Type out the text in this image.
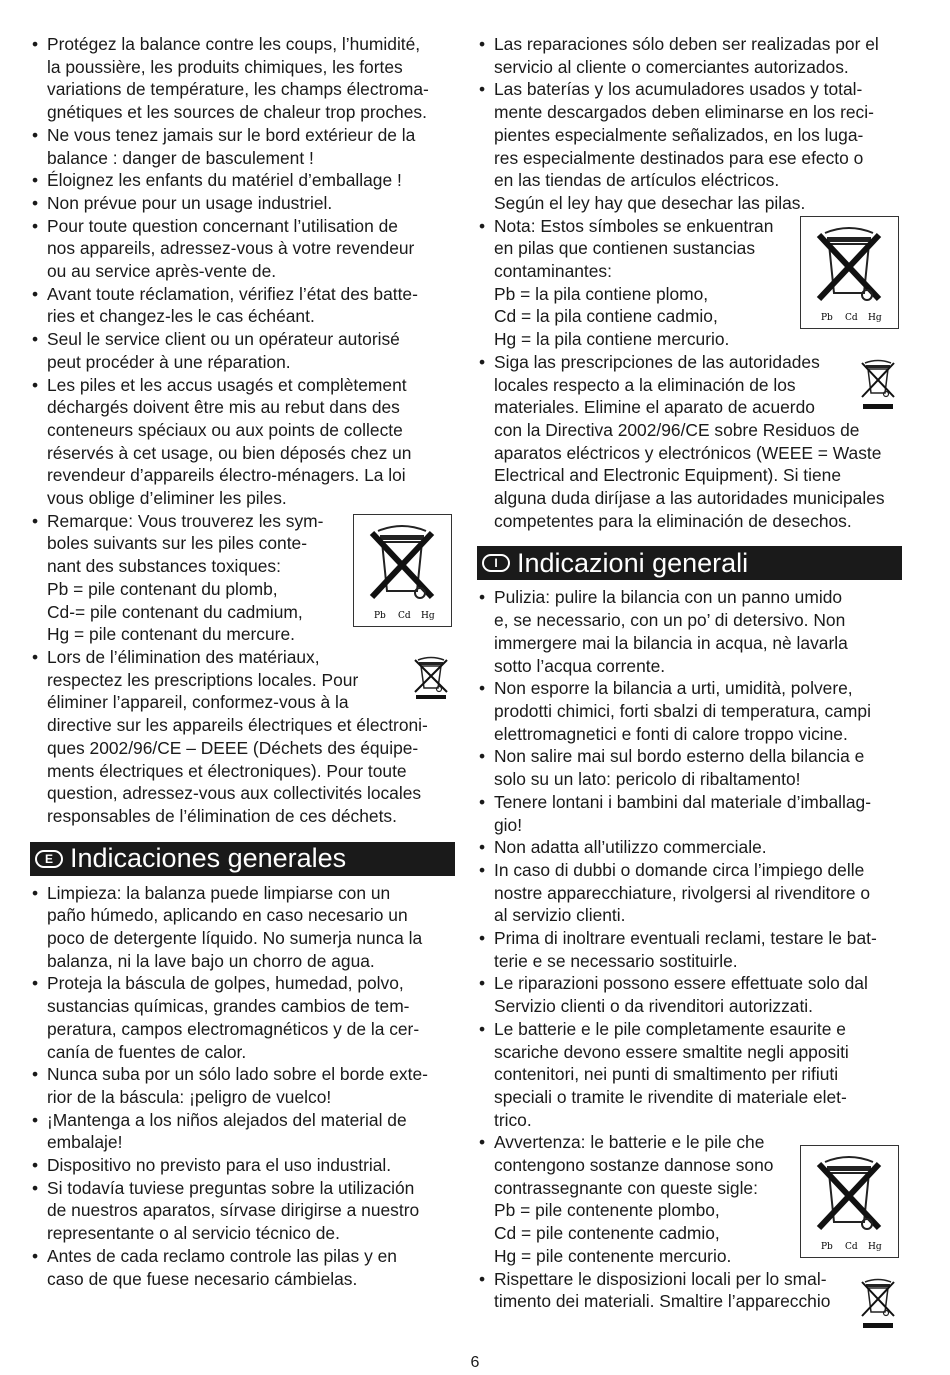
• Protégez la balance contre les coups, l’humidité,
la poussière, les produits chimiques, les fortes
variations de température, les champs électroma-
gnétiques et les sources de chaleur trop proches.
• Ne vous tenez jamais sur le bord extérieur de la
balance : danger de basculement !
• Éloignez les enfants du matériel d’emballage !
• Non prévue pour un usage industriel.
• Pour toute question concernant l’utilisation de
nos appareils, adressez-vous à votre revendeur
ou au service après-vente de.
• Avant toute réclamation, vérifiez l’état des batte-
ries et changez-les le cas échéant.
• Seul le service client ou un opérateur autorisé
peut procéder à une réparation.
• Les piles et les accus usagés et complètement
déchargés doivent être mis au rebut dans des
conteneurs spéciaux ou aux points de collecte
réservés à cet usage, ou bien déposés chez un
revendeur d’appareils électro-ménagers. La loi
vous oblige d’eliminer les piles.
• Remarque: Vous trouverez les sym-
boles suivants sur les piles conte-
nant des substances toxiques:
Pb = pile contenant du plomb,
Cd-= pile contenant du cadmium,
Hg = pile contenant du mercure.
• Lors de l’élimination des matériaux,
respectez les prescriptions locales. Pour
éliminer l’appareil, conformez-vous à la
directive sur les appareils électriques et électroni-
ques 2002/96/CE – DEEE (Déchets des équipe-
ments électriques et électroniques). Pour toute
question, adressez-vous aux collectivités locales
responsables de l’élimination de ces déchets.
E Indicaciones generales
• Limpieza: la balanza puede limpiarse con un
paño húmedo, aplicando en caso necesario un
poco de detergente líquido. No sumerja nunca la
balanza, ni la lave bajo un chorro de agua.
• Proteja la báscula de golpes, humedad, polvo,
sustancias químicas, grandes cambios de tem-
peratura, campos electromagnéticos y de la cer-
canía de fuentes de calor.
• Nunca suba por un sólo lado sobre el borde exte-
rior de la báscula: ¡peligro de vuelco!
• ¡Mantenga a los niños alejados del material de
embalaje!
• Dispositivo no previsto para el uso industrial.
• Si todavía tuviese preguntas sobre la utilización
de nuestros aparatos, sírvase dirigirse a nuestro
representante o al servicio técnico de.
• Antes de cada reclamo controle las pilas y en
caso de que fuese necesario cámbielas.
• Las reparaciones sólo deben ser realizadas por el
servicio al cliente o comerciantes autorizados.
• Las baterías y los acumuladores usados y total-
mente descargados deben eliminarse en los reci-
pientes especialmente señalizados, en los luga-
res especialmente destinados para ese efecto o
en las tiendas de artículos eléctricos.
Según el ley hay que desechar las pilas.
• Nota: Estos símboles se enkuentran
en pilas que contienen sustancias
contaminantes:
Pb = la pila contiene plomo,
Cd = la pila contiene cadmio,
Hg = la pila contiene mercurio.
• Siga las prescripciones de las autoridades
locales respecto a la eliminación de los
materiales. Elimine el aparato de acuerdo
con la Directiva 2002/96/CE sobre Residuos de
aparatos eléctricos y electrónicos (WEEE = Waste
Electrical and Electronic Equipment). Si tiene
alguna duda diríjase a las autoridades municipales
competentes para la eliminación de desechos.
I Indicazioni generali
• Pulizia: pulire la bilancia con un panno umido
e, se necessario, con un po’ di detersivo. Non
immergere mai la bilancia in acqua, nè lavarla
sotto l’acqua corrente.
• Non esporre la bilancia a urti, umidità, polvere,
prodotti chimici, forti sbalzi di temperatura, campi
elettromagnetici e fonti di calore troppo vicine.
• Non salire mai sul bordo esterno della bilancia e
solo su un lato: pericolo di ribaltamento!
• Tenere lontani i bambini dal materiale d’imballag-
gio!
• Non adatta all’utilizzo commerciale.
• In caso di dubbi o domande circa l’impiego delle
nostre apparecchiature, rivolgersi al rivenditore o
al servizio clienti.
• Prima di inoltrare eventuali reclami, testare le bat-
terie e se necessario sostituirle.
• Le riparazioni possono essere effettuate solo dal
Servizio clienti o da rivenditori autorizzati.
• Le batterie e le pile completamente esaurite e
scariche devono essere smaltite negli appositi
contenitori, nei punti di smaltimento per rifiuti
speciali o tramite le rivendite di materiale elet-
trico.
• Avvertenza: le batterie e le pile che
contengono sostanze dannose sono
contrassegnante con queste sigle:
Pb = pile contenente plombo,
Cd = pile contenente cadmio,
Hg = pile contenente mercurio.
• Rispettare le disposizioni locali per lo smal-
timento dei materiali. Smaltire l’apparecchio
Pb Cd Hg
Pb Cd Hg
Pb Cd Hg
6
